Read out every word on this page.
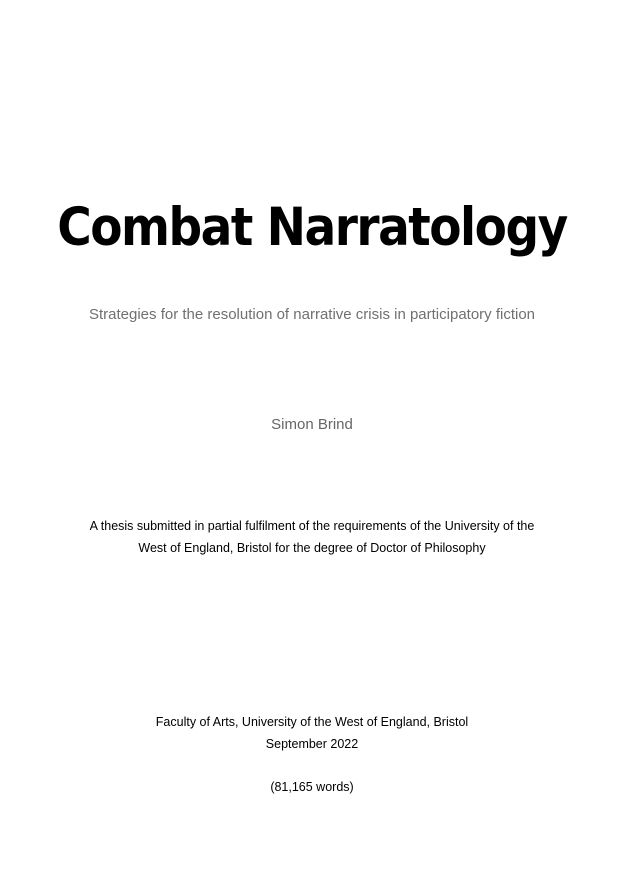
Combat Narratology
Strategies for the resolution of narrative crisis in participatory fiction
Simon Brind
A thesis submitted in partial fulfilment of the requirements of the University of the
West of England, Bristol for the degree of Doctor of Philosophy
Faculty of Arts, University of the West of England, Bristol
September 2022
(81,165 words)
